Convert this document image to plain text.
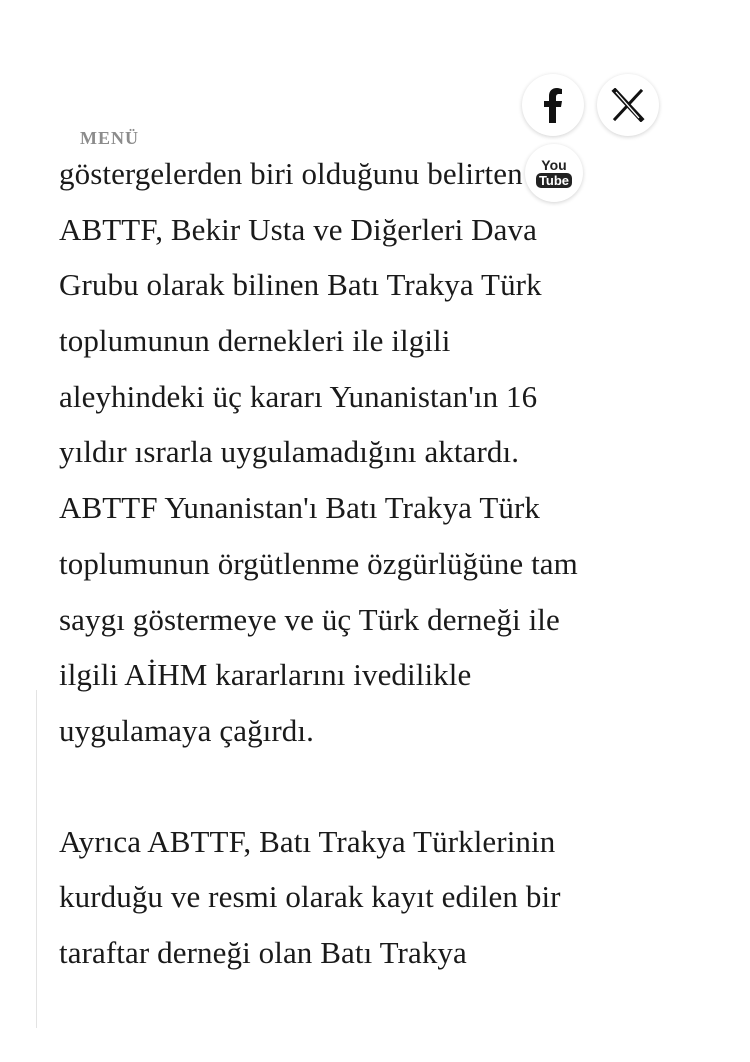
göstergelerden biri olduğunu belirten
ABTTF, Bekir Usta ve Diğerleri Dava
Grubu olarak bilinen Batı Trakya Türk
toplumunun dernekleri ile ilgili
aleyhindeki üç kararı Yunanistan'ın 16
yıldır ısrarla uygulamadığını aktardı.
ABTTF Yunanistan'ı Batı Trakya Türk
toplumunun örgütlenme özgürlüğüne tam
saygı göstermeye ve üç Türk derneği ile
ilgili AİHM kararlarını ivedilikle
uygulamaya çağırdı.

Ayrıca ABTTF, Batı Trakya Türklerinin
kurduğu ve resmi olarak kayıt edilen bir
taraftar derneği olan Batı Trakya

MENÜ
You
Tube
